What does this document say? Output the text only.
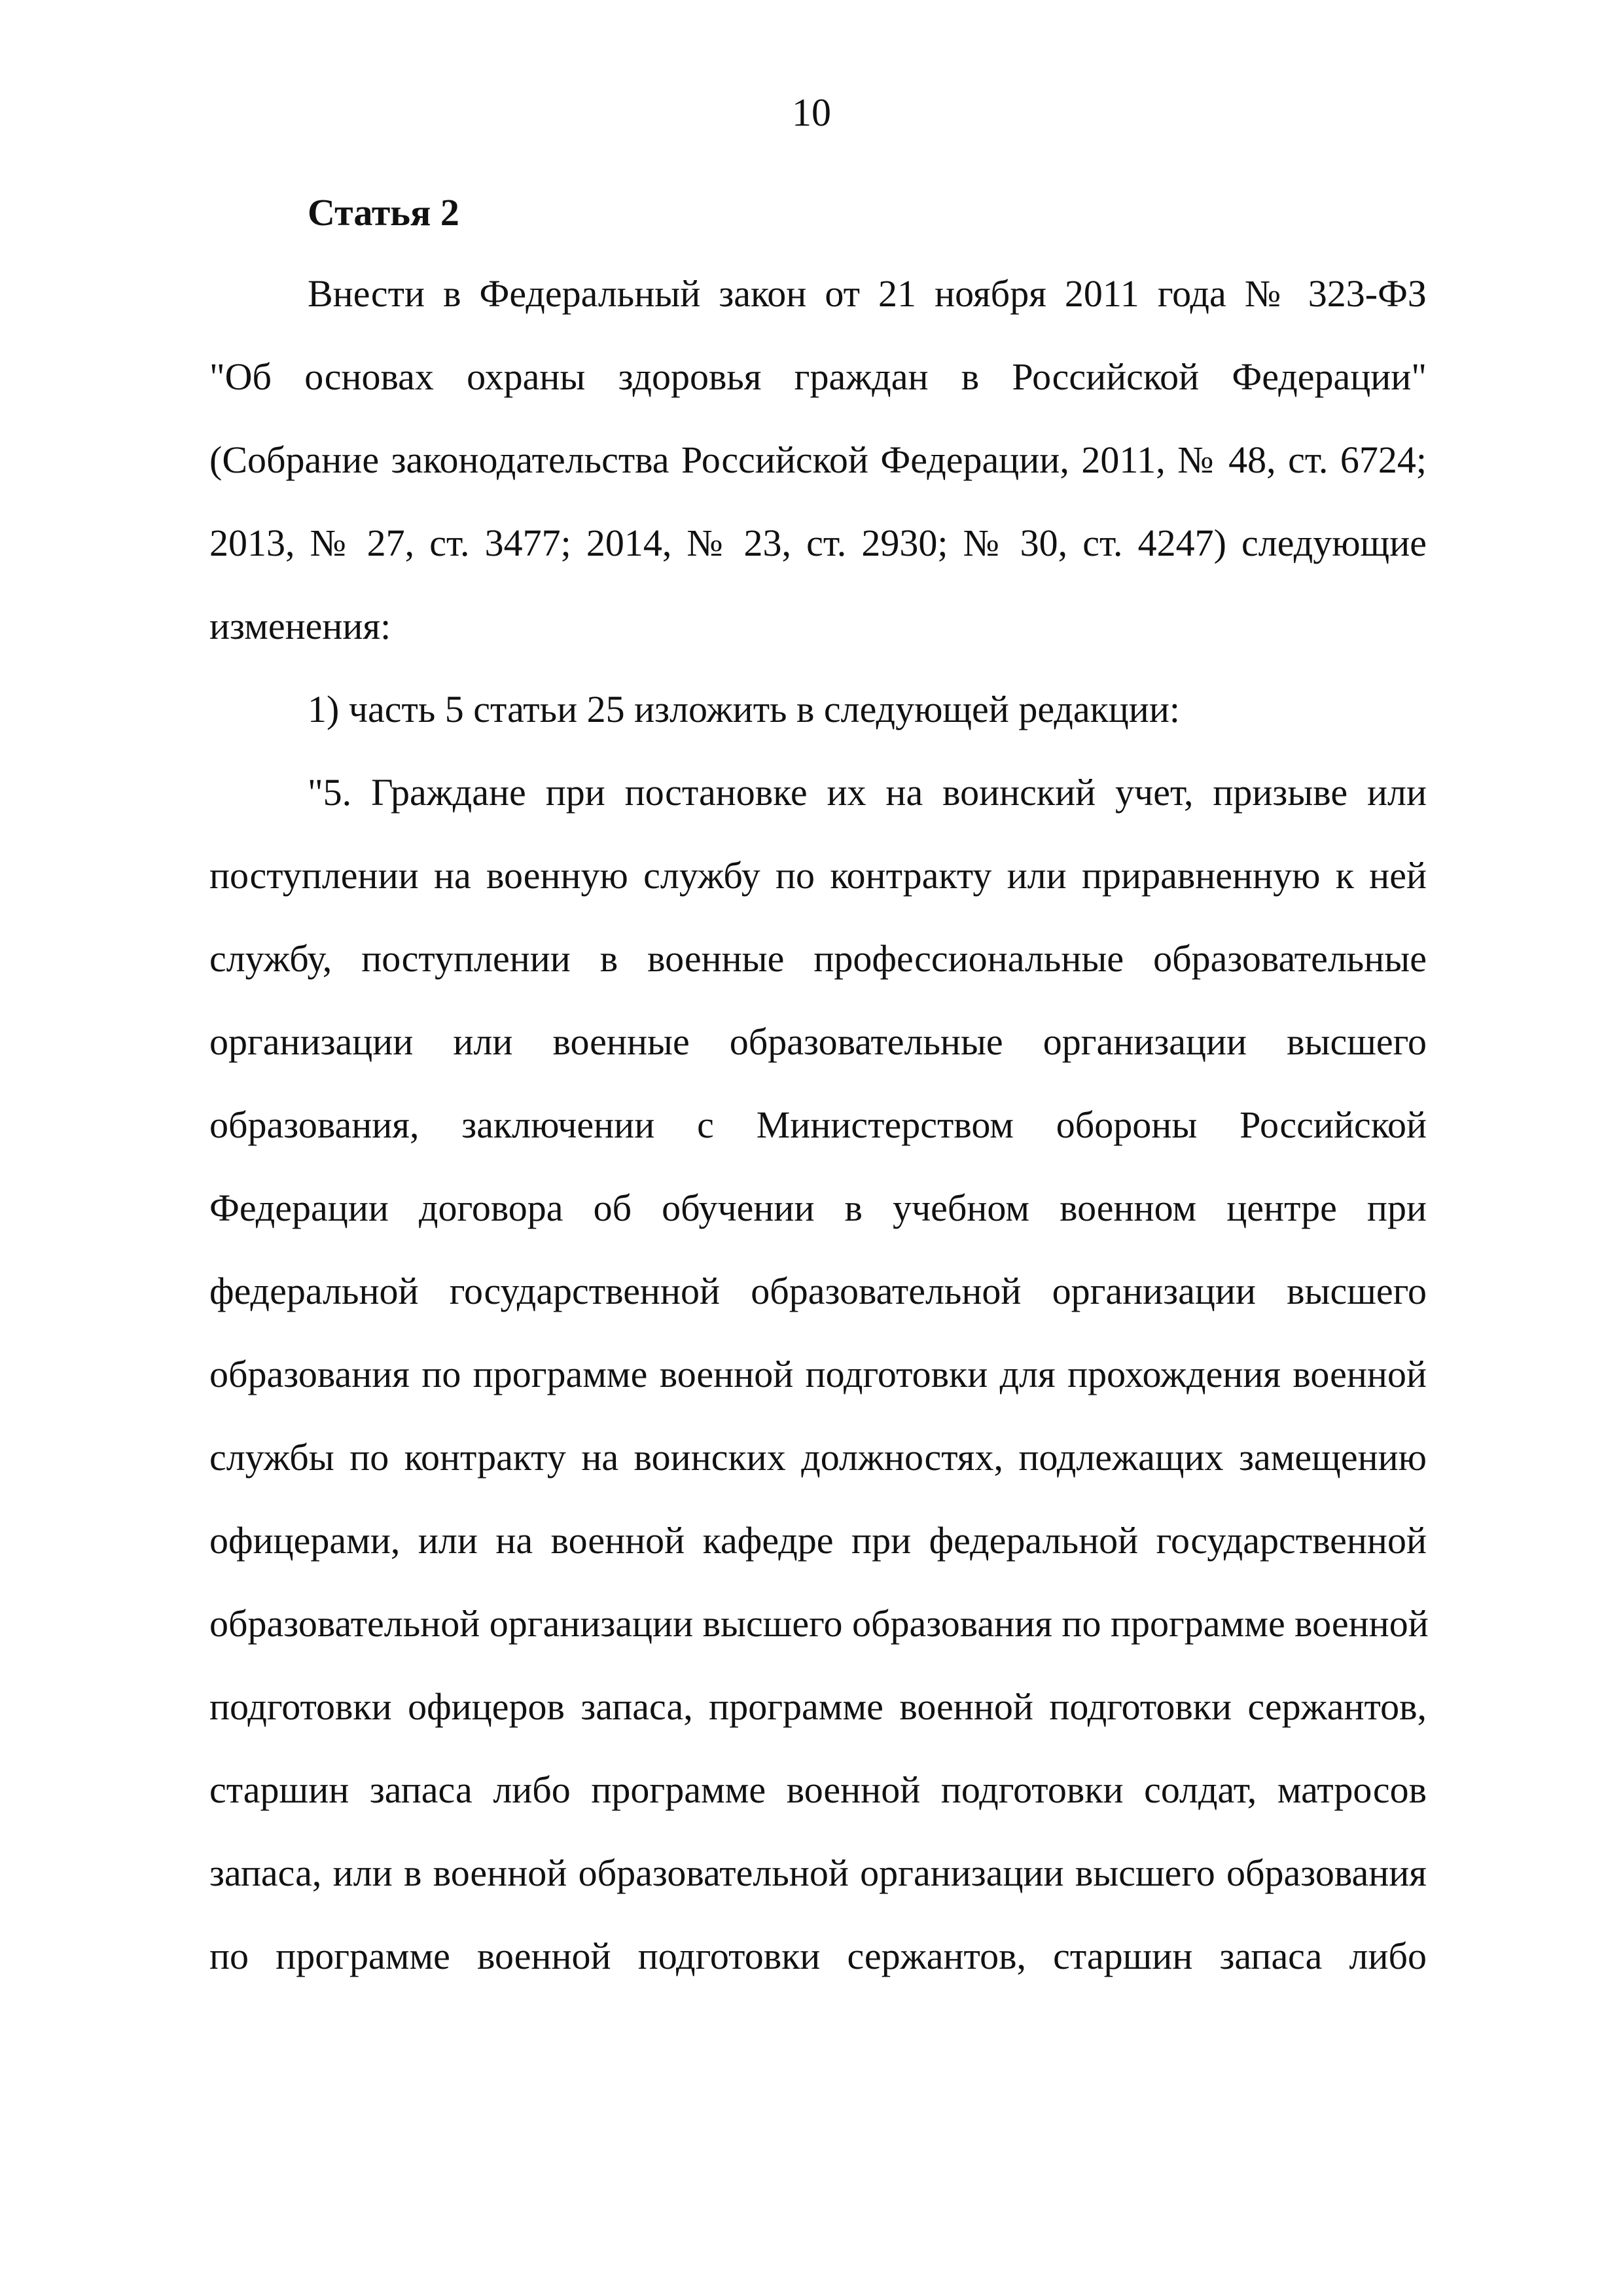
10
Статья 2
Внести в Федеральный закон от 21 ноября 2011 года № 323-ФЗ
"Об основах охраны здоровья граждан в Российской Федерации"
(Собрание законодательства Российской Федерации, 2011, № 48, ст. 6724;
2013, № 27, ст. 3477; 2014, № 23, ст. 2930; № 30, ст. 4247) следующие
изменения:
1) часть 5 статьи 25 изложить в следующей редакции:
"5. Граждане при постановке их на воинский учет, призыве или
поступлении на военную службу по контракту или приравненную к ней
службу, поступлении в военные профессиональные образовательные
организации или военные образовательные организации высшего
образования, заключении с Министерством обороны Российской
Федерации договора об обучении в учебном военном центре при
федеральной государственной образовательной организации высшего
образования по программе военной подготовки для прохождения военной
службы по контракту на воинских должностях, подлежащих замещению
офицерами, или на военной кафедре при федеральной государственной
образовательной организации высшего образования по программе военной
подготовки офицеров запаса, программе военной подготовки сержантов,
старшин запаса либо программе военной подготовки солдат, матросов
запаса, или в военной образовательной организации высшего образования
по программе военной подготовки сержантов, старшин запаса либо
